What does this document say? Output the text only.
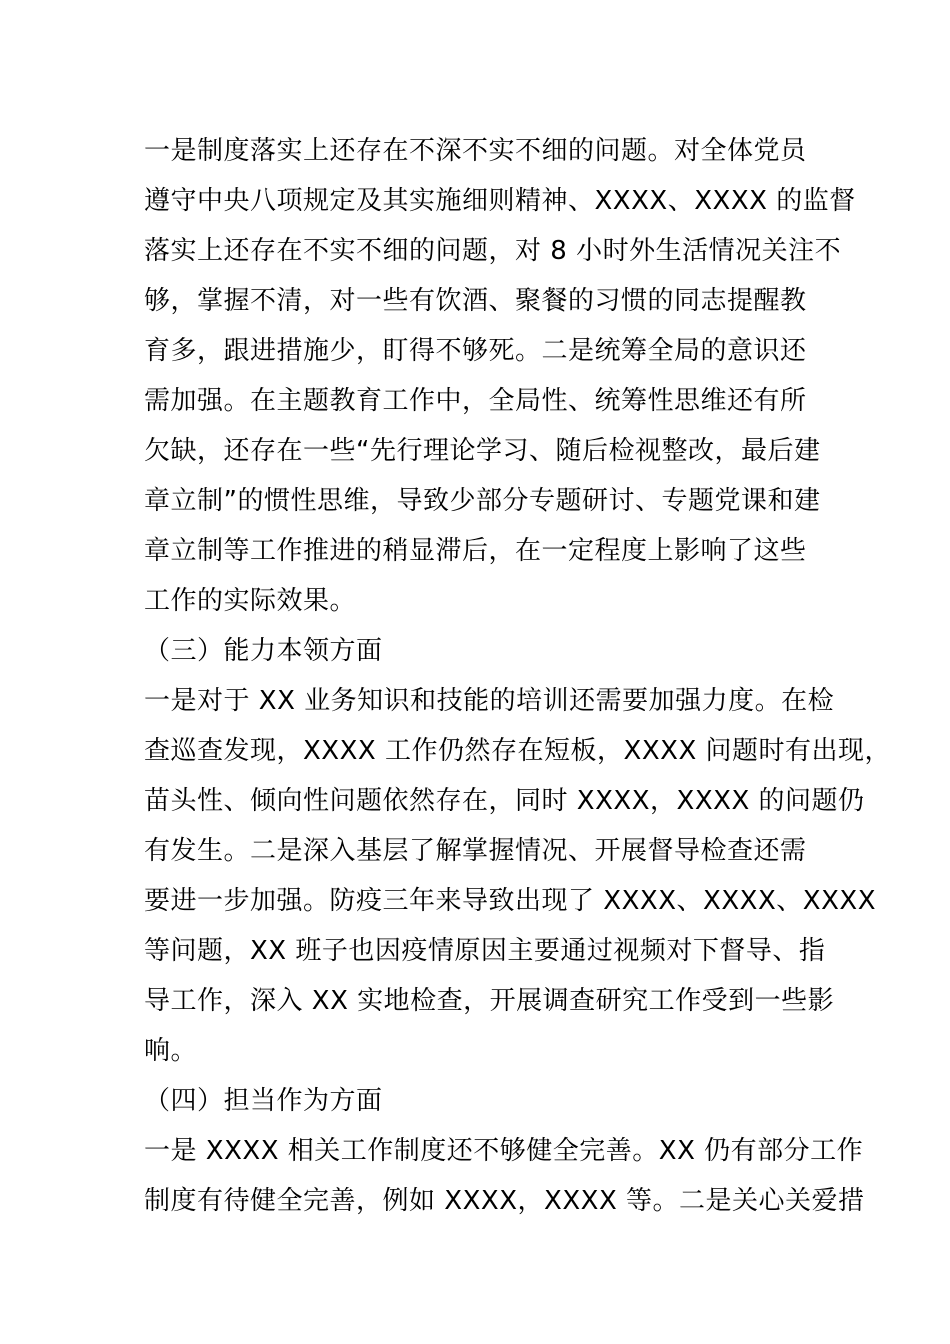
一是制度落实上还存在不深不实不细的问题。对全体党员
遵守中央八项规定及其实施细则精神、XXXX、XXXX 的监督
落实上还存在不实不细的问题，对 8 小时外生活情况关注不
够，掌握不清，对一些有饮酒、聚餐的习惯的同志提醒教
育多，跟进措施少，盯得不够死。二是统筹全局的意识还
需加强。在主题教育工作中，全局性、统筹性思维还有所
欠缺，还存在一些“先行理论学习、随后检视整改，最后建
章立制”的惯性思维，导致少部分专题研讨、专题党课和建
章立制等工作推进的稍显滞后，在一定程度上影响了这些
工作的实际效果。
（三）能力本领方面
一是对于 XX 业务知识和技能的培训还需要加强力度。在检
查巡查发现，XXXX 工作仍然存在短板，XXXX 问题时有出现，
苗头性、倾向性问题依然存在，同时 XXXX，XXXX 的问题仍
有发生。二是深入基层了解掌握情况、开展督导检查还需
要进一步加强。防疫三年来导致出现了 XXXX、XXXX、XXXX
等问题，XX 班子也因疫情原因主要通过视频对下督导、指
导工作，深入 XX 实地检查，开展调查研究工作受到一些影
响。
（四）担当作为方面
一是 XXXX 相关工作制度还不够健全完善。XX 仍有部分工作
制度有待健全完善，例如 XXXX，XXXX 等。二是关心关爱措
